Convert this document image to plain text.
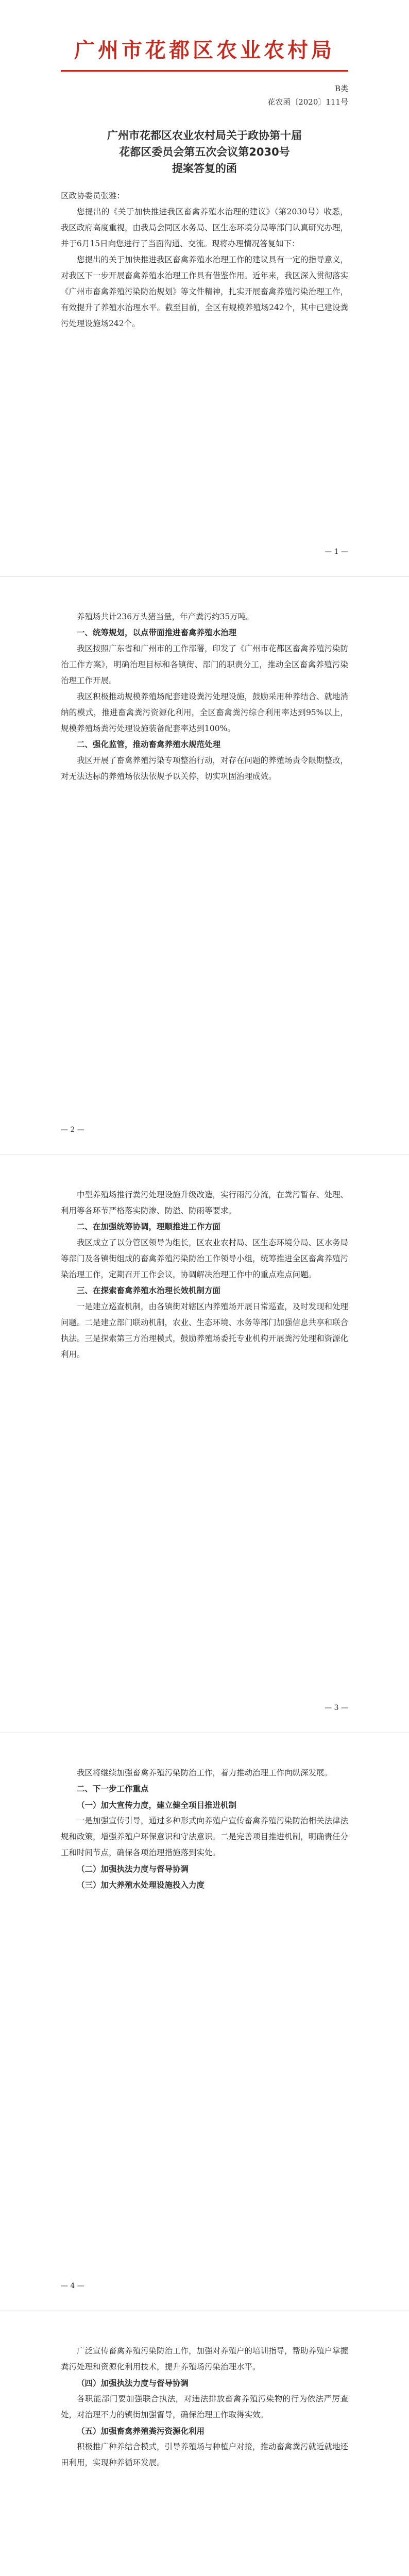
广州市花都区农业农村局
B类
花农函〔2020〕111号
广州市花都区农业农村局关于政协第十届
花都区委员会第五次会议第2030号
提案答复的函

区政协委员张雅：

您提出的《关于加快推进我区畜禽养殖水治理的建议》（第2030号）收悉，我区政府高度重视，由我局会同区水务局、区生态环境分局等部门认真研究办理，并于6月15日向您进行了当面沟通、交流。现将办理情况答复如下：

您提出的关于加快推进我区畜禽养殖水治理工作的建议具有一定的指导意义，对我区下一步开展畜禽养殖水治理工作具有借鉴作用。近年来，我区深入贯彻落实《广州市畜禽养殖污染防治规划》等文件精神，扎实开展畜禽养殖污染治理工作，有效提升了养殖水治理水平。截至目前，全区有规模养殖场242个，其中已建设粪污处理设施场242个。

— 1 —

养殖场共计236万头猪当量，年产粪污约35万吨。

一、统筹规划，以点带面推进畜禽养殖水治理

我区按照广东省和广州市的工作部署，印发了《广州市花都区畜禽养殖污染防治工作方案》，明确治理目标和各镇街、部门的职责分工，推动全区畜禽养殖污染治理工作开展。

我区积极推动规模养殖场配套建设粪污处理设施，鼓励采用种养结合、就地消纳的模式，推进畜禽粪污资源化利用，全区畜禽粪污综合利用率达到95%以上，规模养殖场粪污处理设施装备配套率达到100%。

二、强化监管，推动畜禽养殖水规范处理

我区开展了畜禽养殖污染专项整治行动，对存在问题的养殖场责令限期整改，对无法达标的养殖场依法依规予以关停，切实巩固治理成效。

— 2 —

中型养殖场推行粪污处理设施升级改造，实行雨污分流，在粪污暂存、处理、利用等各环节严格落实防渗、防溢、防雨等要求。

二、在加强统筹协调，理顺推进工作方面

我区成立了以分管区领导为组长，区农业农村局、区生态环境分局、区水务局等部门及各镇街组成的畜禽养殖污染防治工作领导小组，统筹推进全区畜禽养殖污染治理工作，定期召开工作会议，协调解决治理工作中的重点难点问题。

三、在探索畜禽养殖水治理长效机制方面

一是建立巡查机制，由各镇街对辖区内养殖场开展日常巡查，及时发现和处理问题。二是建立部门联动机制，农业、生态环境、水务等部门加强信息共享和联合执法。三是探索第三方治理模式，鼓励养殖场委托专业机构开展粪污处理和资源化利用。

— 3 —

我区将继续加强畜禽养殖污染防治工作，着力推动治理工作向纵深发展。

二、下一步工作重点

（一）加大宣传力度，建立健全项目推进机制

一是加强宣传引导，通过多种形式向养殖户宣传畜禽养殖污染防治相关法律法规和政策，增强养殖户环保意识和守法意识。二是完善项目推进机制，明确责任分工和时间节点，确保各项治理措施落到实处。

（二）加强执法力度与督导协调

（三）加大养殖水处理设施投入力度

— 4 —

广泛宣传畜禽养殖污染防治工作，加强对养殖户的培训指导，帮助养殖户掌握粪污处理和资源化利用技术，提升养殖场污染治理水平。

（四）加强执法力度与督导协调

各职能部门要加强联合执法，对违法排放畜禽养殖污染物的行为依法严厉查处，对治理不力的镇街加强督导，确保治理工作取得实效。

（五）加强畜禽养殖粪污资源化利用

积极推广种养结合模式，引导养殖场与种植户对接，推动畜禽粪污就近就地还田利用，实现种养循环发展。
